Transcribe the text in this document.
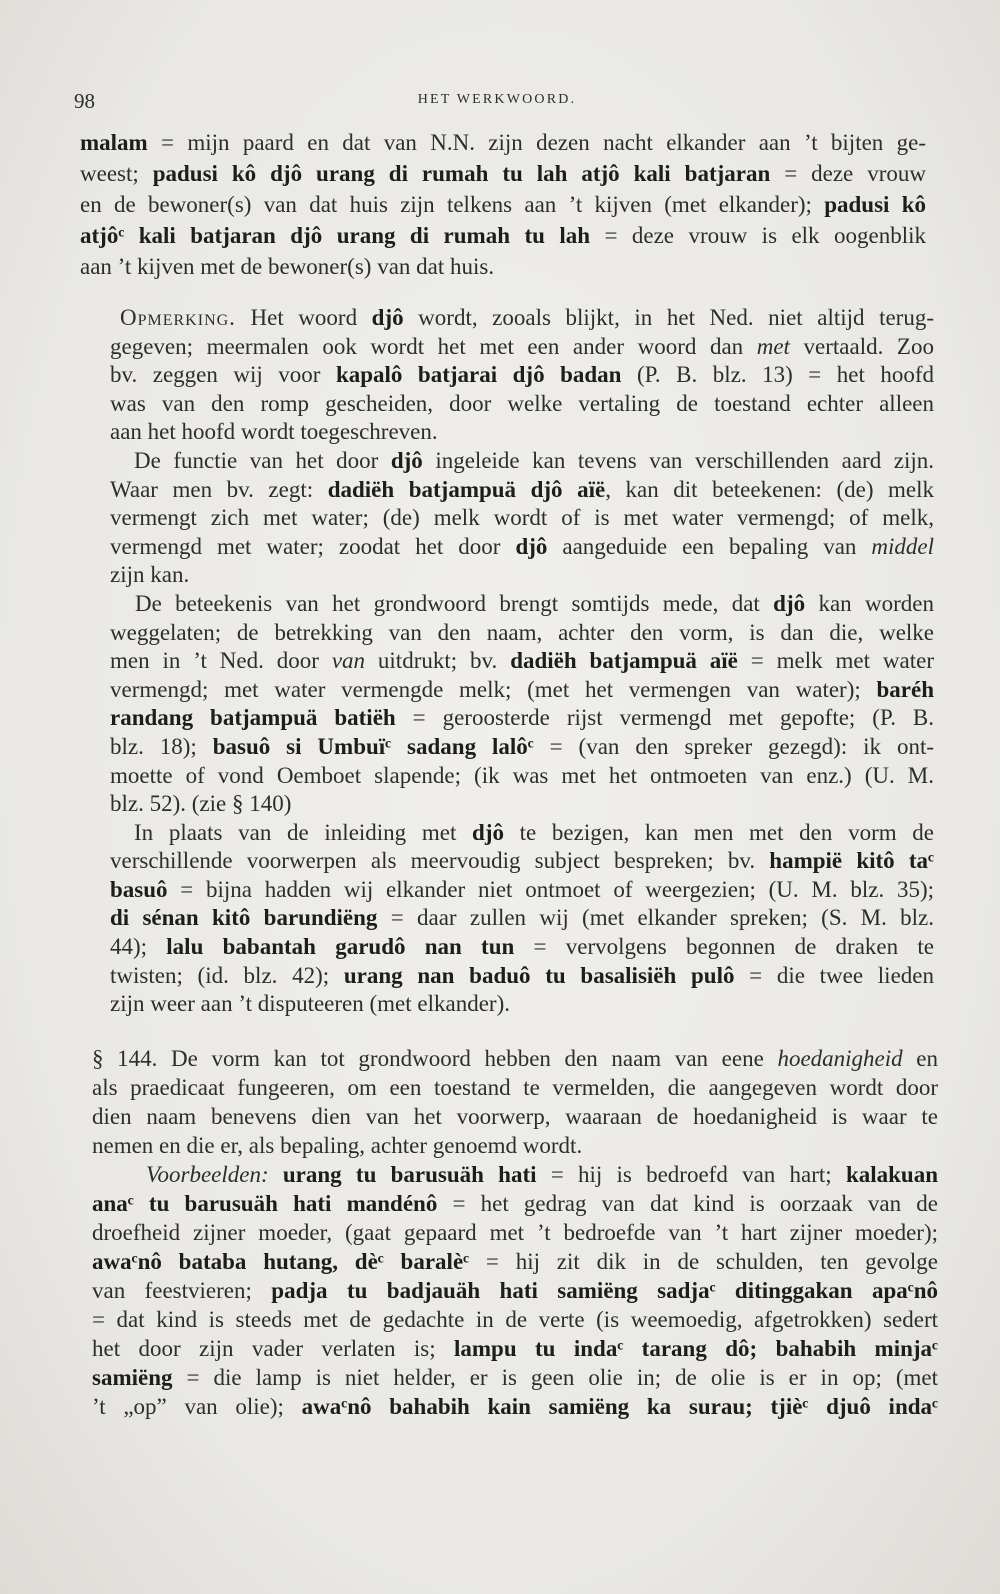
98	HET WERKWOORD.
malam = mijn paard en dat van N.N. zijn dezen nacht elkander aan ’t bijten ge-
weest; padusi kô djô urang di rumah tu lah atjô kali batjaran = deze vrouw
en de bewoner(s) van dat huis zijn telkens aan ’t kijven (met elkander); padusi kô
atjôᶜ kali batjaran djô urang di rumah tu lah = deze vrouw is elk oogenblik
aan ’t kijven met de bewoner(s) van dat huis.
Opmerking. Het woord djô wordt, zooals blijkt, in het Ned. niet altijd terug-
gegeven; meermalen ook wordt het met een ander woord dan met vertaald. Zoo
bv. zeggen wij voor kapalô batjarai djô badan (P. B. blz. 13) = het hoofd
was van den romp gescheiden, door welke vertaling de toestand echter alleen
aan het hoofd wordt toegeschreven.
De functie van het door djô ingeleide kan tevens van verschillenden aard zijn.
Waar men bv. zegt: dadiëh batjampuä djô aïë, kan dit beteekenen: (de) melk
vermengt zich met water; (de) melk wordt of is met water vermengd; of melk,
vermengd met water; zoodat het door djô aangeduide een bepaling van middel
zijn kan.
De beteekenis van het grondwoord brengt somtijds mede, dat djô kan worden
weggelaten; de betrekking van den naam, achter den vorm, is dan die, welke
men in ’t Ned. door van uitdrukt; bv. dadiëh batjampuä aïë = melk met water
vermengd; met water vermengde melk; (met het vermengen van water); baréh
randang batjampuä batiëh = geroosterde rijst vermengd met gepofte; (P. B.
blz. 18); basuô si Umbuïᶜ sadang lalôᶜ = (van den spreker gezegd): ik ont-
moette of vond Oemboet slapende; (ik was met het ontmoeten van enz.) (U. M.
blz. 52). (zie § 140)
In plaats van de inleiding met djô te bezigen, kan men met den vorm de
verschillende voorwerpen als meervoudig subject bespreken; bv. hampië kitô taᶜ
basuô = bijna hadden wij elkander niet ontmoet of weergezien; (U. M. blz. 35);
di sénan kitô barundiëng = daar zullen wij (met elkander spreken; (S. M. blz.
44); lalu babantah garudô nan tun = vervolgens begonnen de draken te
twisten; (id. blz. 42); urang nan baduô tu basalisiëh pulô = die twee lieden
zijn weer aan ’t disputeeren (met elkander).
§ 144. De vorm kan tot grondwoord hebben den naam van eene hoedanigheid en
als praedicaat fungeeren, om een toestand te vermelden, die aangegeven wordt door
dien naam benevens dien van het voorwerp, waaraan de hoedanigheid is waar te
nemen en die er, als bepaling, achter genoemd wordt.
Voorbeelden: urang tu barusuäh hati = hij is bedroefd van hart; kalakuan
anaᶜ tu barusuäh hati mandénô = het gedrag van dat kind is oorzaak van de
droefheid zijner moeder, (gaat gepaard met ’t bedroefde van ’t hart zijner moeder);
awaᶜnô bataba hutang, dèᶜ baralèᶜ = hij zit dik in de schulden, ten gevolge
van feestvieren; padja tu badjauäh hati samiëng sadjaᶜ ditinggakan apaᶜnô
= dat kind is steeds met de gedachte in de verte (is weemoedig, afgetrokken) sedert
het door zijn vader verlaten is; lampu tu indaᶜ tarang dô; bahabih minjaᶜ
samiëng = die lamp is niet helder, er is geen olie in; de olie is er in op; (met
’t „op” van olie); awaᶜnô bahabih kain samiëng ka surau; tjièᶜ djuô indaᶜ
